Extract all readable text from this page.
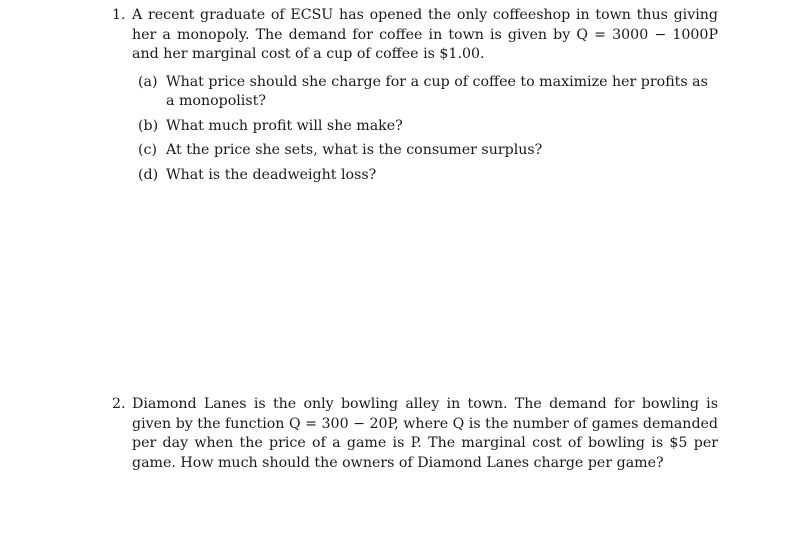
1. A recent graduate of ECSU has opened the only coffeeshop in town thus giving her a monopoly. The demand for coffee in town is given by Q = 3000 − 1000P and her marginal cost of a cup of coffee is $1.00.
(a) What price should she charge for a cup of coffee to maximize her profits as a monopolist?
(b) What much profit will she make?
(c) At the price she sets, what is the consumer surplus?
(d) What is the deadweight loss?
2. Diamond Lanes is the only bowling alley in town. The demand for bowling is given by the function Q = 300 − 20P, where Q is the number of games demanded per day when the price of a game is P. The marginal cost of bowling is $5 per game. How much should the owners of Diamond Lanes charge per game?
